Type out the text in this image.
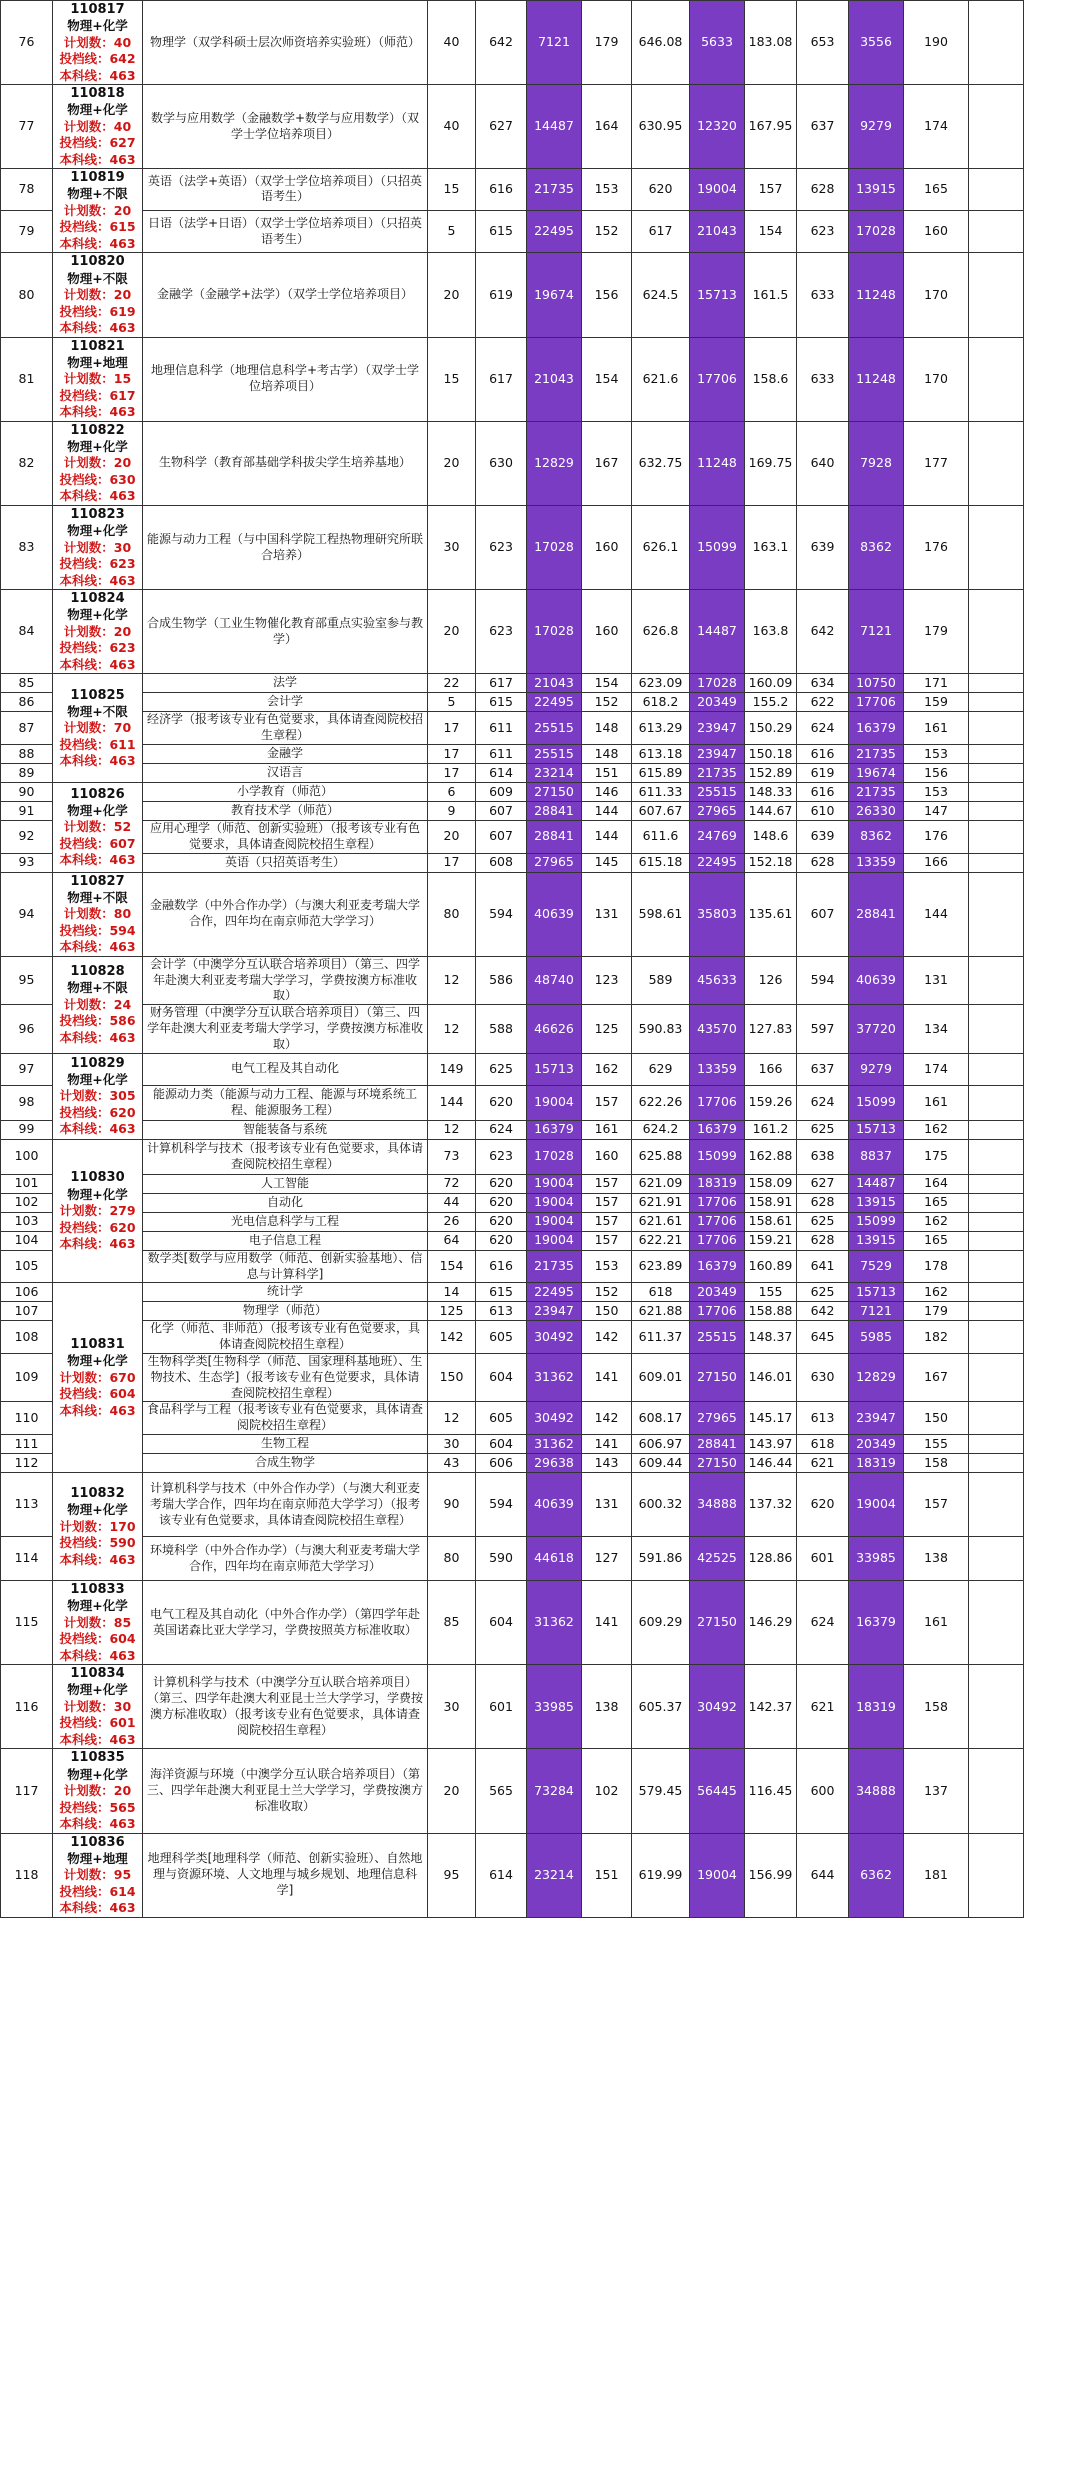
76	110817
物理+化学
计划数：40
投档线：642
本科线：463	物理学（双学科硕士层次师资培养实验班）（师范）	40	642	7121	179	646.08	5633	183.08	653	3556	190	
77	110818
物理+化学
计划数：40
投档线：627
本科线：463	数学与应用数学（金融数学+数学与应用数学）（双学士学位培养项目）	40	627	14487	164	630.95	12320	167.95	637	9279	174	
78	110819
物理+不限
计划数：20
投档线：615
本科线：463	英语（法学+英语）（双学士学位培养项目）（只招英语考生）	15	616	21735	153	620	19004	157	628	13915	165	
79		日语（法学+日语）（双学士学位培养项目）（只招英语考生）	5	615	22495	152	617	21043	154	623	17028	160	
80	110820
物理+不限
计划数：20
投档线：619
本科线：463	金融学（金融学+法学）（双学士学位培养项目）	20	619	19674	156	624.5	15713	161.5	633	11248	170	
81	110821
物理+地理
计划数：15
投档线：617
本科线：463	地理信息科学（地理信息科学+考古学）（双学士学位培养项目）	15	617	21043	154	621.6	17706	158.6	633	11248	170	
82	110822
物理+化学
计划数：20
投档线：630
本科线：463	生物科学（教育部基础学科拔尖学生培养基地）	20	630	12829	167	632.75	11248	169.75	640	7928	177	
83	110823
物理+化学
计划数：30
投档线：623
本科线：463	能源与动力工程（与中国科学院工程热物理研究所联合培养）	30	623	17028	160	626.1	15099	163.1	639	8362	176	
84	110824
物理+化学
计划数：20
投档线：623
本科线：463	合成生物学（工业生物催化教育部重点实验室参与教学）	20	623	17028	160	626.8	14487	163.8	642	7121	179	
85	110825
物理+不限
计划数：70
投档线：611
本科线：463	法学	22	617	21043	154	623.09	17028	160.09	634	10750	171	
86		会计学	5	615	22495	152	618.2	20349	155.2	622	17706	159	
87		经济学（报考该专业有色觉要求，具体请查阅院校招生章程）	17	611	25515	148	613.29	23947	150.29	624	16379	161	
88		金融学	17	611	25515	148	613.18	23947	150.18	616	21735	153	
89		汉语言	17	614	23214	151	615.89	21735	152.89	619	19674	156	
90	110826
物理+化学
计划数：52
投档线：607
本科线：463	小学教育（师范）	6	609	27150	146	611.33	25515	148.33	616	21735	153	
91		教育技术学（师范）	9	607	28841	144	607.67	27965	144.67	610	26330	147	
92		应用心理学（师范、创新实验班）（报考该专业有色觉要求，具体请查阅院校招生章程）	20	607	28841	144	611.6	24769	148.6	639	8362	176	
93		英语（只招英语考生）	17	608	27965	145	615.18	22495	152.18	628	13359	166	
94	110827
物理+不限
计划数：80
投档线：594
本科线：463	金融数学（中外合作办学）（与澳大利亚麦考瑞大学合作，四年均在南京师范大学学习）	80	594	40639	131	598.61	35803	135.61	607	28841	144	
95	110828
物理+不限
计划数：24
投档线：586
本科线：463	会计学（中澳学分互认联合培养项目）（第三、四学年赴澳大利亚麦考瑞大学学习，学费按澳方标准收取）	12	586	48740	123	589	45633	126	594	40639	131	
96		财务管理（中澳学分互认联合培养项目）（第三、四学年赴澳大利亚麦考瑞大学学习，学费按澳方标准收取）	12	588	46626	125	590.83	43570	127.83	597	37720	134	
97	110829
物理+化学
计划数：305
投档线：620
本科线：463	电气工程及其自动化	149	625	15713	162	629	13359	166	637	9279	174	
98		能源动力类（能源与动力工程、能源与环境系统工程、能源服务工程）	144	620	19004	157	622.26	17706	159.26	624	15099	161	
99		智能装备与系统	12	624	16379	161	624.2	16379	161.2	625	15713	162	
100	110830
物理+化学
计划数：279
投档线：620
本科线：463	计算机科学与技术（报考该专业有色觉要求，具体请查阅院校招生章程）	73	623	17028	160	625.88	15099	162.88	638	8837	175	
101		人工智能	72	620	19004	157	621.09	18319	158.09	627	14487	164	
102		自动化	44	620	19004	157	621.91	17706	158.91	628	13915	165	
103		光电信息科学与工程	26	620	19004	157	621.61	17706	158.61	625	15099	162	
104		电子信息工程	64	620	19004	157	622.21	17706	159.21	628	13915	165	
105		数学类[数学与应用数学（师范、创新实验基地）、信息与计算科学]	154	616	21735	153	623.89	16379	160.89	641	7529	178	
106	110831
物理+化学
计划数：670
投档线：604
本科线：463	统计学	14	615	22495	152	618	20349	155	625	15713	162	
107		物理学（师范）	125	613	23947	150	621.88	17706	158.88	642	7121	179	
108		化学（师范、非师范）（报考该专业有色觉要求，具体请查阅院校招生章程）	142	605	30492	142	611.37	25515	148.37	645	5985	182	
109		生物科学类[生物科学（师范、国家理科基地班）、生物技术、生态学]（报考该专业有色觉要求，具体请查阅院校招生章程）	150	604	31362	141	609.01	27150	146.01	630	12829	167	
110		食品科学与工程（报考该专业有色觉要求，具体请查阅院校招生章程）	12	605	30492	142	608.17	27965	145.17	613	23947	150	
111		生物工程	30	604	31362	141	606.97	28841	143.97	618	20349	155	
112		合成生物学	43	606	29638	143	609.44	27150	146.44	621	18319	158	
113	110832
物理+化学
计划数：170
投档线：590
本科线：463	计算机科学与技术（中外合作办学）（与澳大利亚麦考瑞大学合作，四年均在南京师范大学学习）（报考该专业有色觉要求，具体请查阅院校招生章程）	90	594	40639	131	600.32	34888	137.32	620	19004	157	
114		环境科学（中外合作办学）（与澳大利亚麦考瑞大学合作，四年均在南京师范大学学习）	80	590	44618	127	591.86	42525	128.86	601	33985	138	
115	110833
物理+化学
计划数：85
投档线：604
本科线：463	电气工程及其自动化（中外合作办学）（第四学年赴英国诺森比亚大学学习，学费按照英方标准收取）	85	604	31362	141	609.29	27150	146.29	624	16379	161	
116	110834
物理+化学
计划数：30
投档线：601
本科线：463	计算机科学与技术（中澳学分互认联合培养项目）（第三、四学年赴澳大利亚昆士兰大学学习，学费按澳方标准收取）（报考该专业有色觉要求，具体请查阅院校招生章程）	30	601	33985	138	605.37	30492	142.37	621	18319	158	
117	110835
物理+化学
计划数：20
投档线：565
本科线：463	海洋资源与环境（中澳学分互认联合培养项目）（第三、四学年赴澳大利亚昆士兰大学学习，学费按澳方标准收取）	20	565	73284	102	579.45	56445	116.45	600	34888	137	
118	110836
物理+地理
计划数：95
投档线：614
本科线：463	地理科学类[地理科学（师范、创新实验班）、自然地理与资源环境、人文地理与城乡规划、地理信息科学]	95	614	23214	151	619.99	19004	156.99	644	6362	181	
